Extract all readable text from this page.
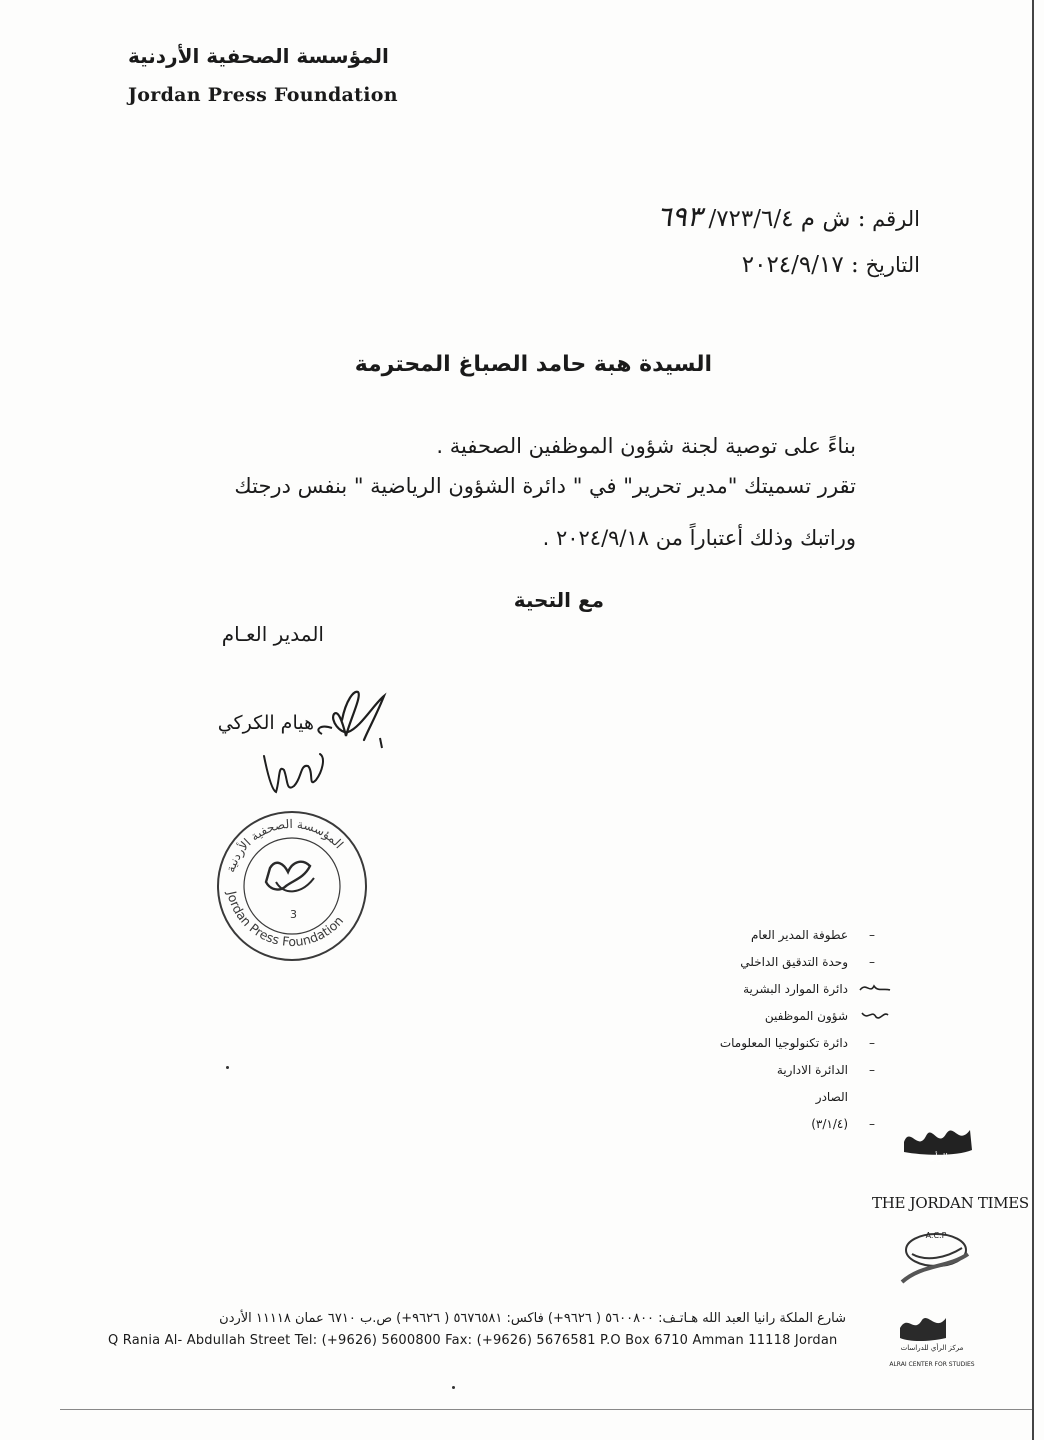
المؤسسة الصحفية الأردنية
Jordan Press Foundation
الرقم : ش م ٧٢٣/٦/٤/ ٦٩٣
التاريخ : ٢٠٢٤/٩/١٧
السيدة هبة حامد الصباغ المحترمة
بناءً على توصية لجنة شؤون الموظفين الصحفية .
تقرر تسميتك "مدير تحرير" في " دائرة الشؤون الرياضية " بنفس درجتك
وراتبك وذلك أعتباراً من ٢٠٢٤/٩/١٨ .
مع التحية
المدير العـام
هيام الكركي
المؤسسة الصحفية الأردنية
Jordan Press Foundation
3
–
عطوفة المدير العام
–
وحدة التدقيق الداخلي
دائرة الموارد البشرية
شؤون الموظفين
–
دائرة تكنولوجيا المعلومات
–
الدائرة الادارية
الصادر
–
(٣/١/٤)
الرأي
THE JORDAN TIMES
A.C.P
مركز الرأي للدراسات
ALRAI CENTER FOR STUDIES
شارع الملكة رانيا العبد الله هـاتـف: ٥٦٠٠٨٠٠ ( ٩٦٢٦+) فاكس: ٥٦٧٦٥٨١ ( ٩٦٢٦+) ص.ب ٦٧١٠ عمان ١١١١٨ الأردن
Q Rania Al- Abdullah Street Tel: (+9626) 5600800 Fax: (+9626) 5676581 P.O Box 6710 Amman 11118 Jordan
